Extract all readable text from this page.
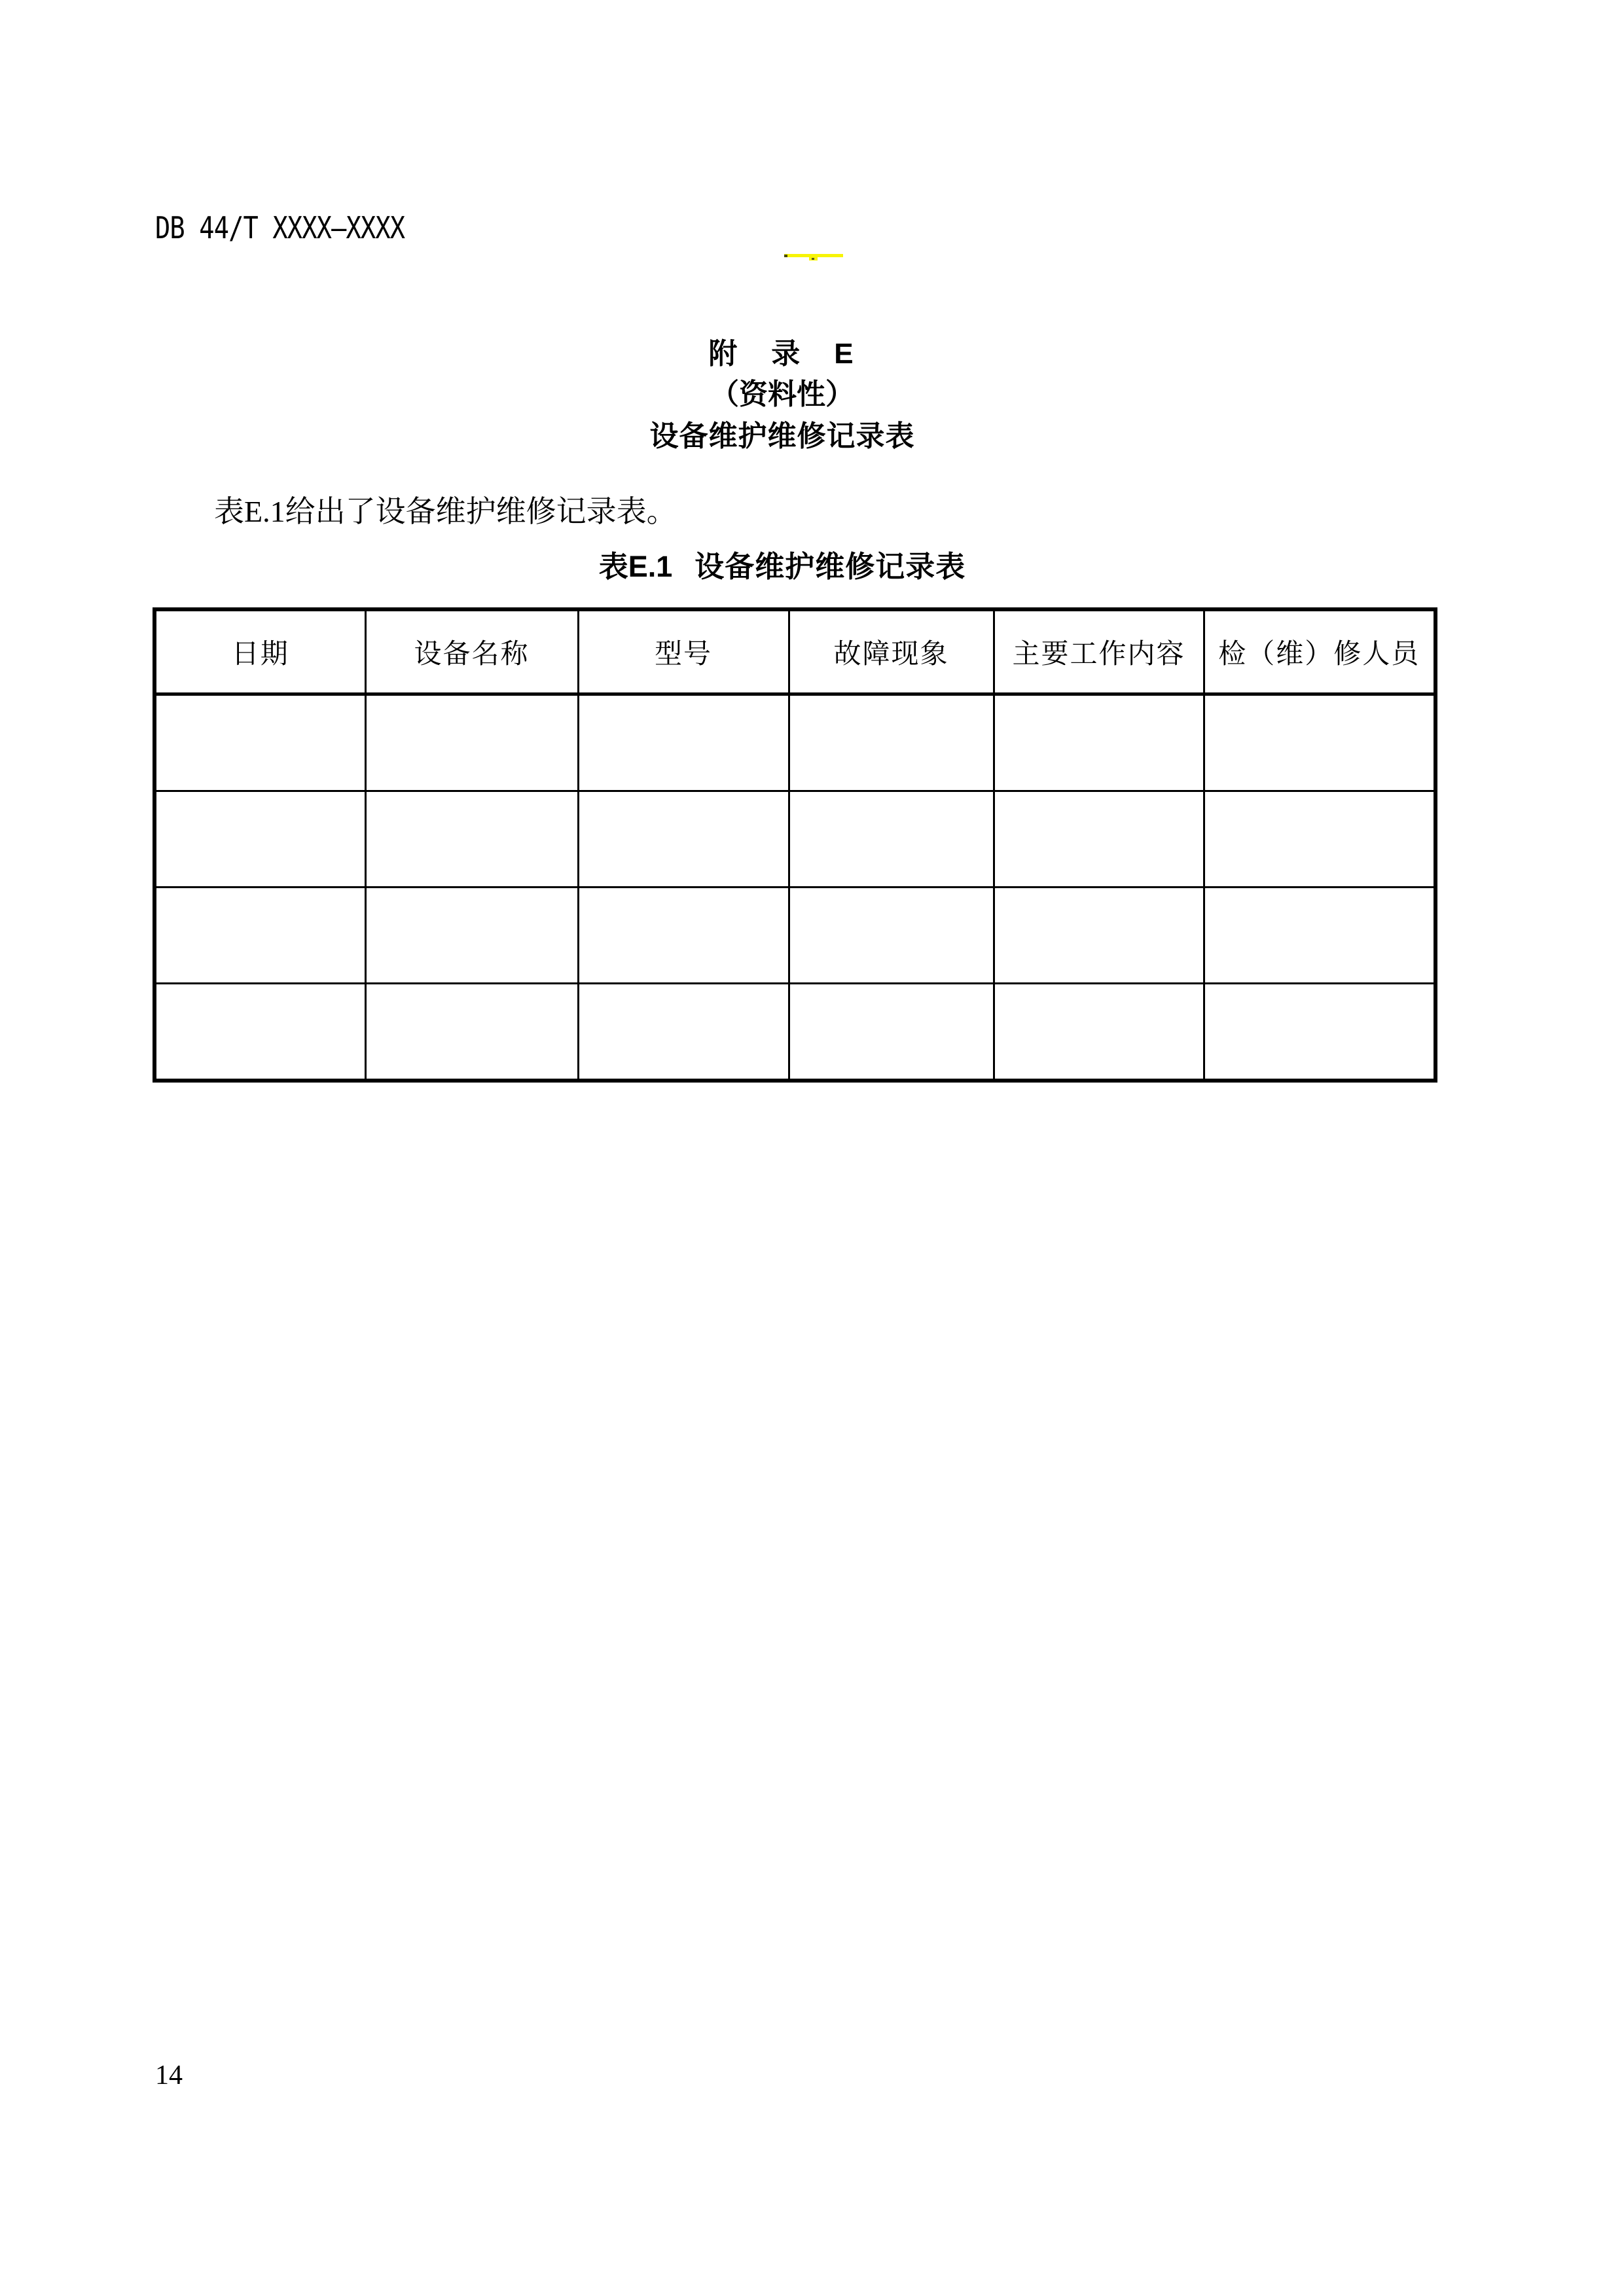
DB 44/T XXXX—XXXX
附　录　E
（资料性）
设备维护维修记录表

表E.1给出了设备维护维修记录表。

表E.1 设备维护维修记录表
日期	设备名称	型号	故障现象	主要工作内容	检（维）修人员

14
